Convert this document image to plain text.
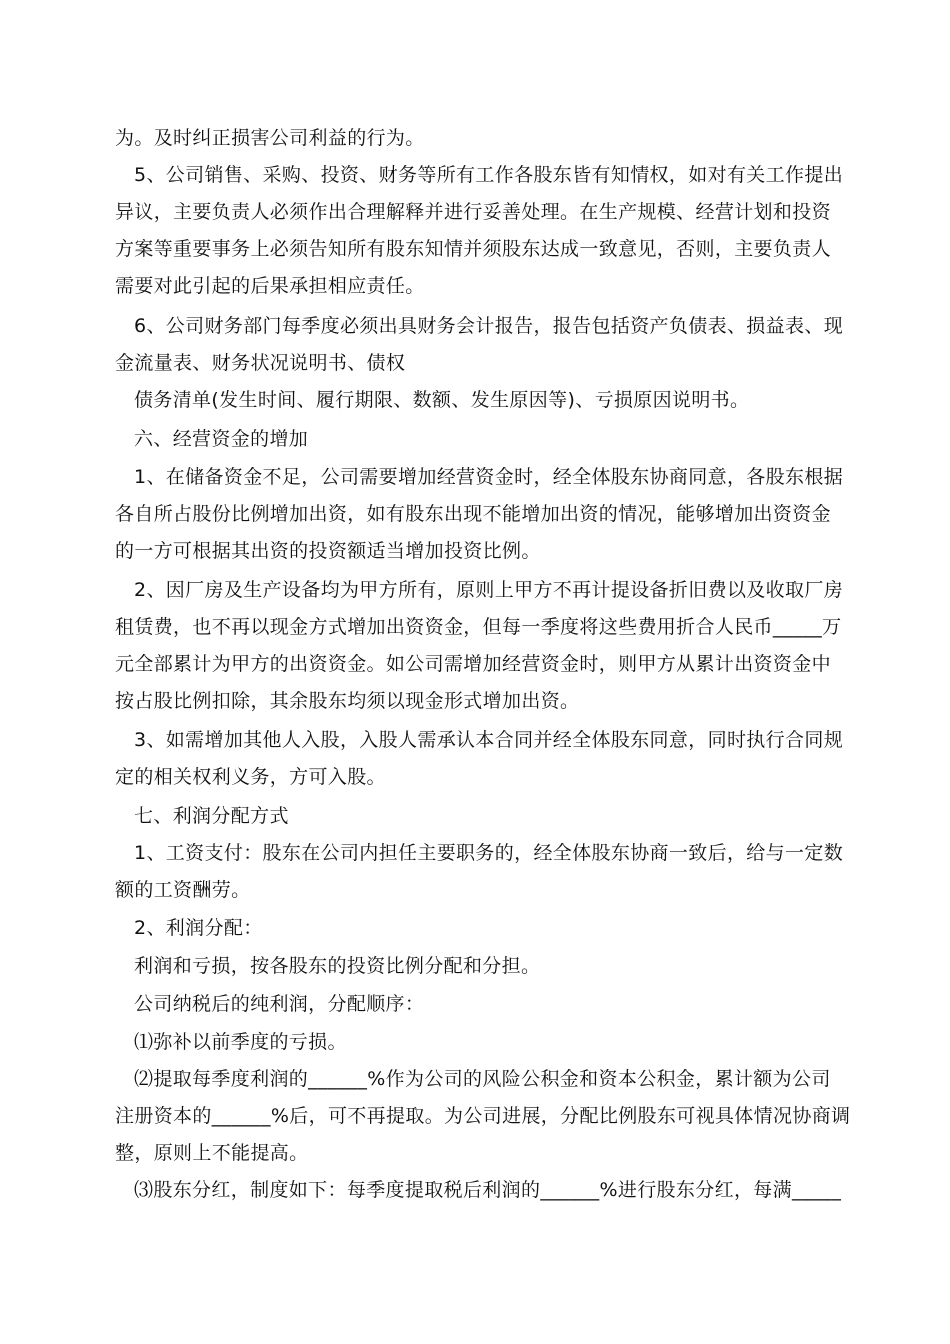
为。及时纠正损害公司利益的行为。
5、公司销售、采购、投资、财务等所有工作各股东皆有知情权，如对有关工作提出
异议，主要负责人必须作出合理解释并进行妥善处理。在生产规模、经营计划和投资
方案等重要事务上必须告知所有股东知情并须股东达成一致意见，否则，主要负责人
需要对此引起的后果承担相应责任。
6、公司财务部门每季度必须出具财务会计报告，报告包括资产负债表、损益表、现
金流量表、财务状况说明书、债权
债务清单(发生时间、履行期限、数额、发生原因等)、亏损原因说明书。
六、经营资金的增加
1、在储备资金不足，公司需要增加经营资金时，经全体股东协商同意，各股东根据
各自所占股份比例增加出资，如有股东出现不能增加出资的情况，能够增加出资资金
的一方可根据其出资的投资额适当增加投资比例。
2、因厂房及生产设备均为甲方所有，原则上甲方不再计提设备折旧费以及收取厂房
租赁费，也不再以现金方式增加出资资金，但每一季度将这些费用折合人民币_____万
元全部累计为甲方的出资资金。如公司需增加经营资金时，则甲方从累计出资资金中
按占股比例扣除，其余股东均须以现金形式增加出资。
3、如需增加其他人入股，入股人需承认本合同并经全体股东同意，同时执行合同规
定的相关权利义务，方可入股。
七、利润分配方式
1、工资支付：股东在公司内担任主要职务的，经全体股东协商一致后，给与一定数
额的工资酬劳。
2、利润分配：
利润和亏损，按各股东的投资比例分配和分担。
公司纳税后的纯利润，分配顺序：
⑴弥补以前季度的亏损。
⑵提取每季度利润的______%作为公司的风险公积金和资本公积金，累计额为公司
注册资本的______%后，可不再提取。为公司进展，分配比例股东可视具体情况协商调
整，原则上不能提高。
⑶股东分红，制度如下：每季度提取税后利润的______%进行股东分红，每满_____
